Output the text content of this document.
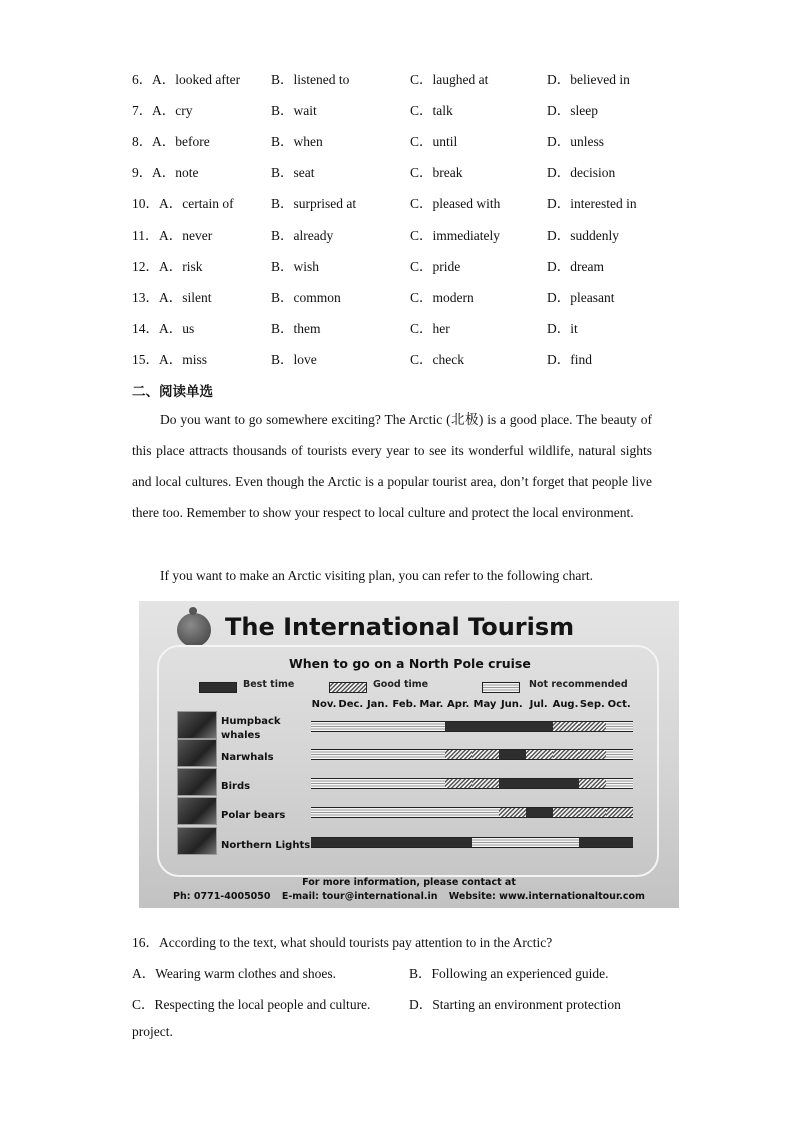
6． A．looked after B．listened to	C．laughed at	D．believed in
7． A．cry	B．wait	C．talk	D．sleep
8． A．before	B．when	C．until	D．unless
9． A．note	B．seat	C．break	D．decision
10． A．certain of	B．surprised at	C．pleased with	D．interested in
11． A．never	B．already	C．immediately	D．suddenly
12． A．risk	B．wish	C．pride	D．dream
13． A．silent	B．common	C．modern	D．pleasant
14． A．us	B．them	C．her	D．it
15． A．miss	B．love	C．check	D．find
二、阅读单选
Do you want to go somewhere exciting? The Arctic (北极) is a good place. The beauty of this place attracts thousands of tourists every year to see its wonderful wildlife, natural sights and local cultures. Even though the Arctic is a popular tourist area, don’t forget that people live there too. Remember to show your respect to local culture and protect the local environment.
If you want to make an Arctic visiting plan, you can refer to the following chart.
The International Tourism
When to go on a North Pole cruise
Best time	Good time	Not recommended
Nov. Dec. Jan. Feb. Mar. Apr. May Jun. Jul. Aug. Sep. Oct.
Humpback whales
Narwhals
Birds
Polar bears
Northern Lights
For more information, please contact at
Ph: 0771-4005050 E-mail: tour@international.in Website: www.internationaltour.com
16．According to the text, what should tourists pay attention to in the Arctic?
A．Wearing warm clothes and shoes.	B．Following an experienced guide.
C．Respecting the local people and culture.	D．Starting an environment protection
project.
